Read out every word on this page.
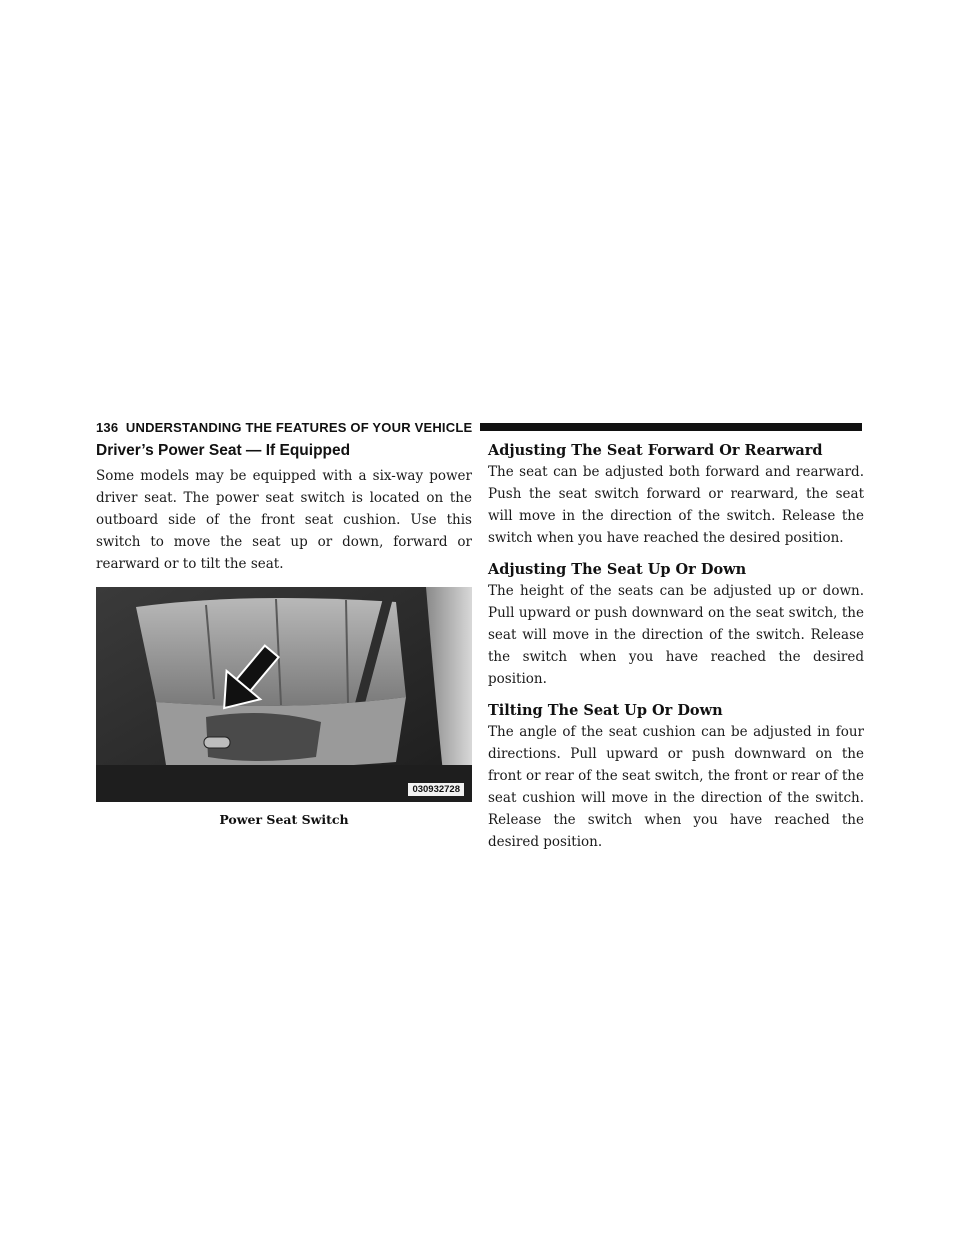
136 UNDERSTANDING THE FEATURES OF YOUR VEHICLE
Driver’s Power Seat — If Equipped

Some models may be equipped with a six-way power driver seat. The power seat switch is located on the outboard side of the front seat cushion. Use this switch to move the seat up or down, forward or rearward or to tilt the seat.

030932728
Power Seat Switch
Adjusting The Seat Forward Or Rearward

The seat can be adjusted both forward and rearward. Push the seat switch forward or rearward, the seat will move in the direction of the switch. Release the switch when you have reached the desired position.

Adjusting The Seat Up Or Down

The height of the seats can be adjusted up or down. Pull upward or push downward on the seat switch, the seat will move in the direction of the switch. Release the switch when you have reached the desired position.

Tilting The Seat Up Or Down

The angle of the seat cushion can be adjusted in four directions. Pull upward or push downward on the front or rear of the seat switch, the front or rear of the seat cushion will move in the direction of the switch. Release the switch when you have reached the desired position.
